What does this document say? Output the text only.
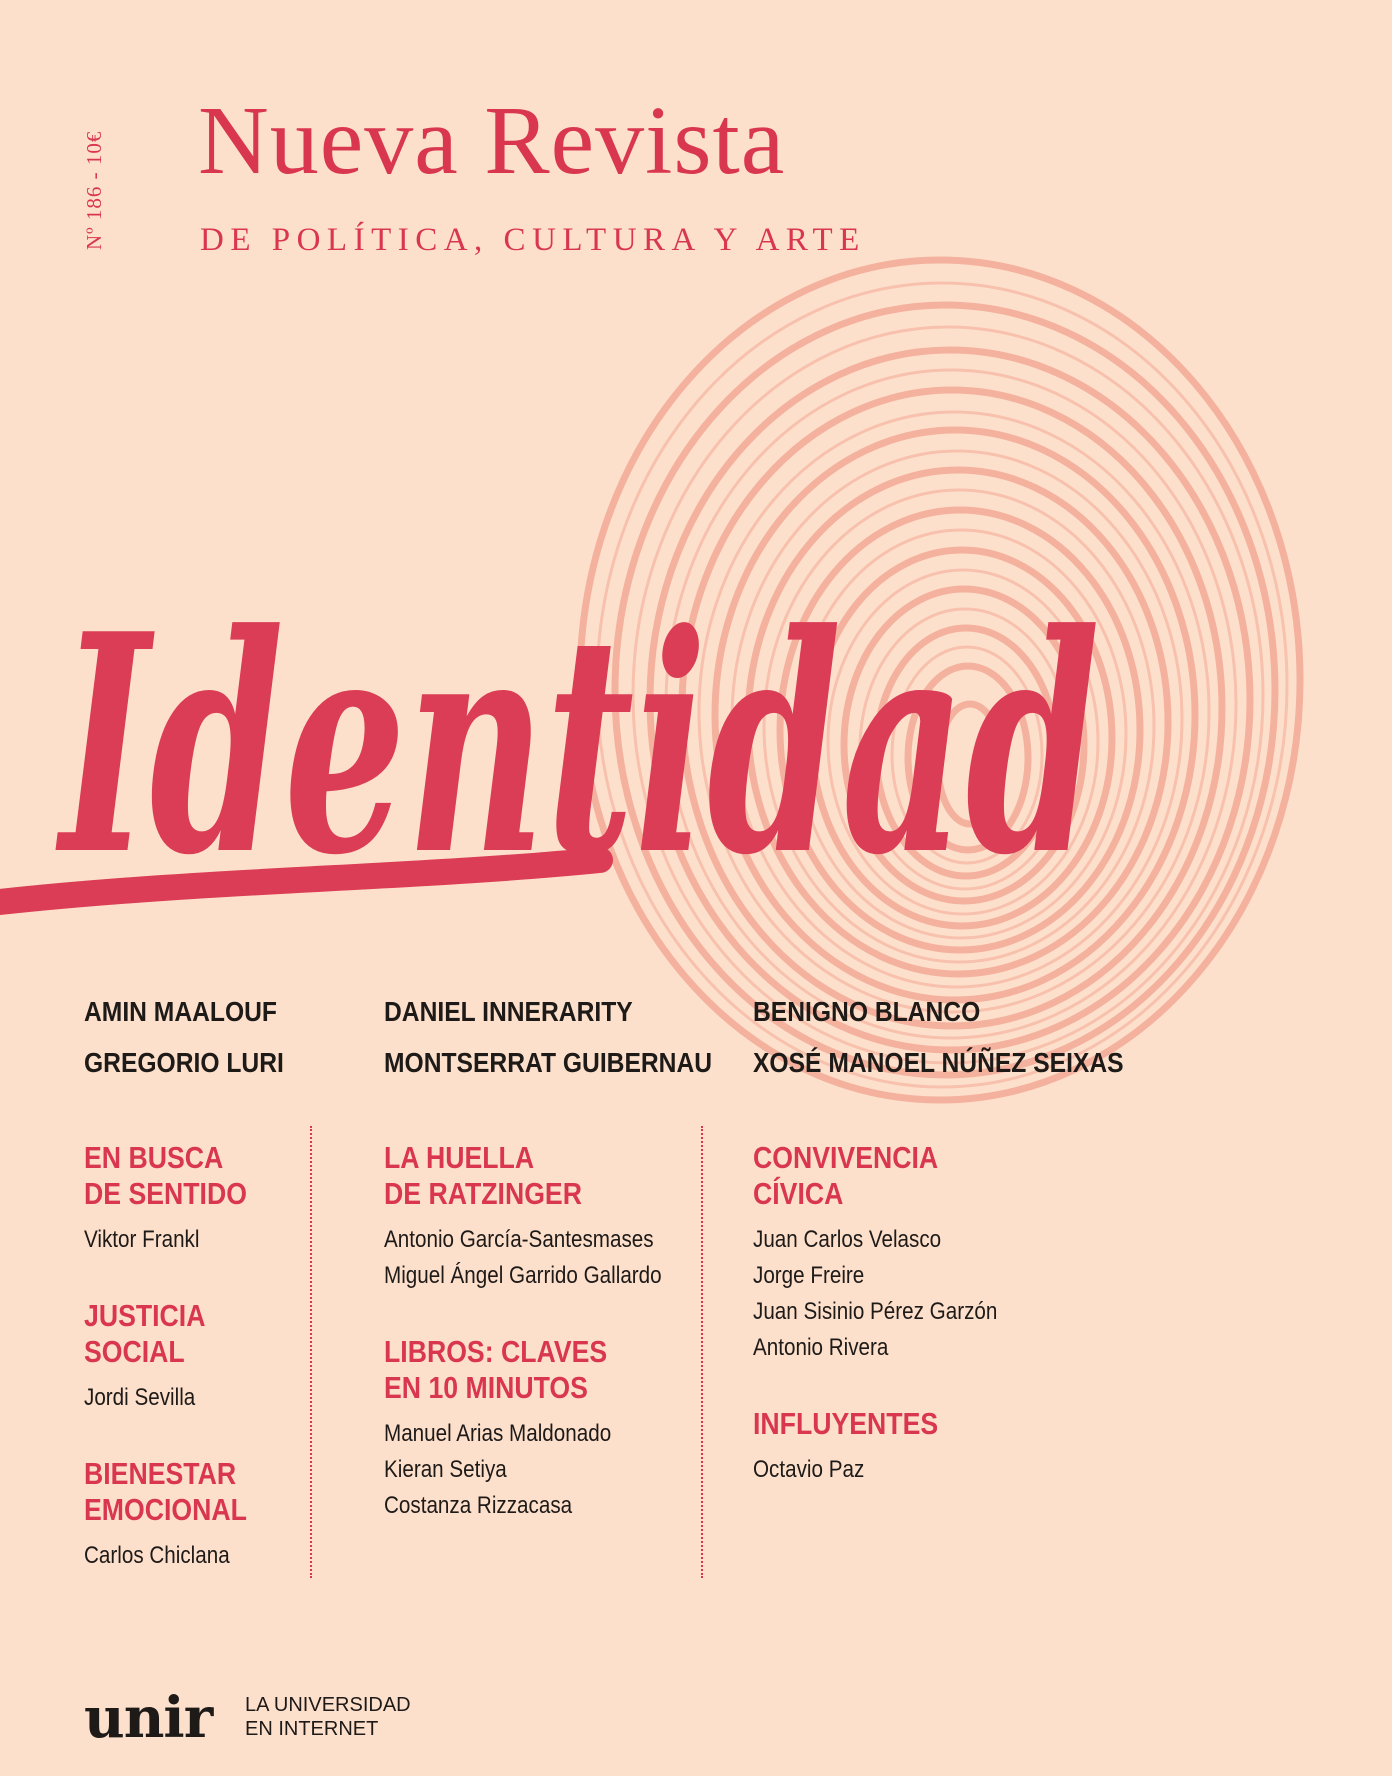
Nº 186 - 10€ Nueva Revista
DE POLÍTICA, CULTURA Y ARTE
Identidad
AMIN MAALOUF
GREGORIO LURI
DANIEL INNERARITY
MONTSERRAT GUIBERNAU
BENIGNO BLANCO
XOSÉ MANOEL NÚÑEZ SEIXAS
EN BUSCA
DE SENTIDO
Viktor Frankl
JUSTICIA
SOCIAL
Jordi Sevilla
BIENESTAR
EMOCIONAL
Carlos Chiclana
LA HUELLA
DE RATZINGER
Antonio García-Santesmases
Miguel Ángel Garrido Gallardo
LIBROS: CLAVES
EN 10 MINUTOS
Manuel Arias Maldonado
Kieran Setiya
Costanza Rizzacasa
CONVIVENCIA
CÍVICA
Juan Carlos Velasco
Jorge Freire
Juan Sisinio Pérez Garzón
Antonio Rivera
INFLUYENTES
Octavio Paz
unir LA UNIVERSIDAD
EN INTERNET
